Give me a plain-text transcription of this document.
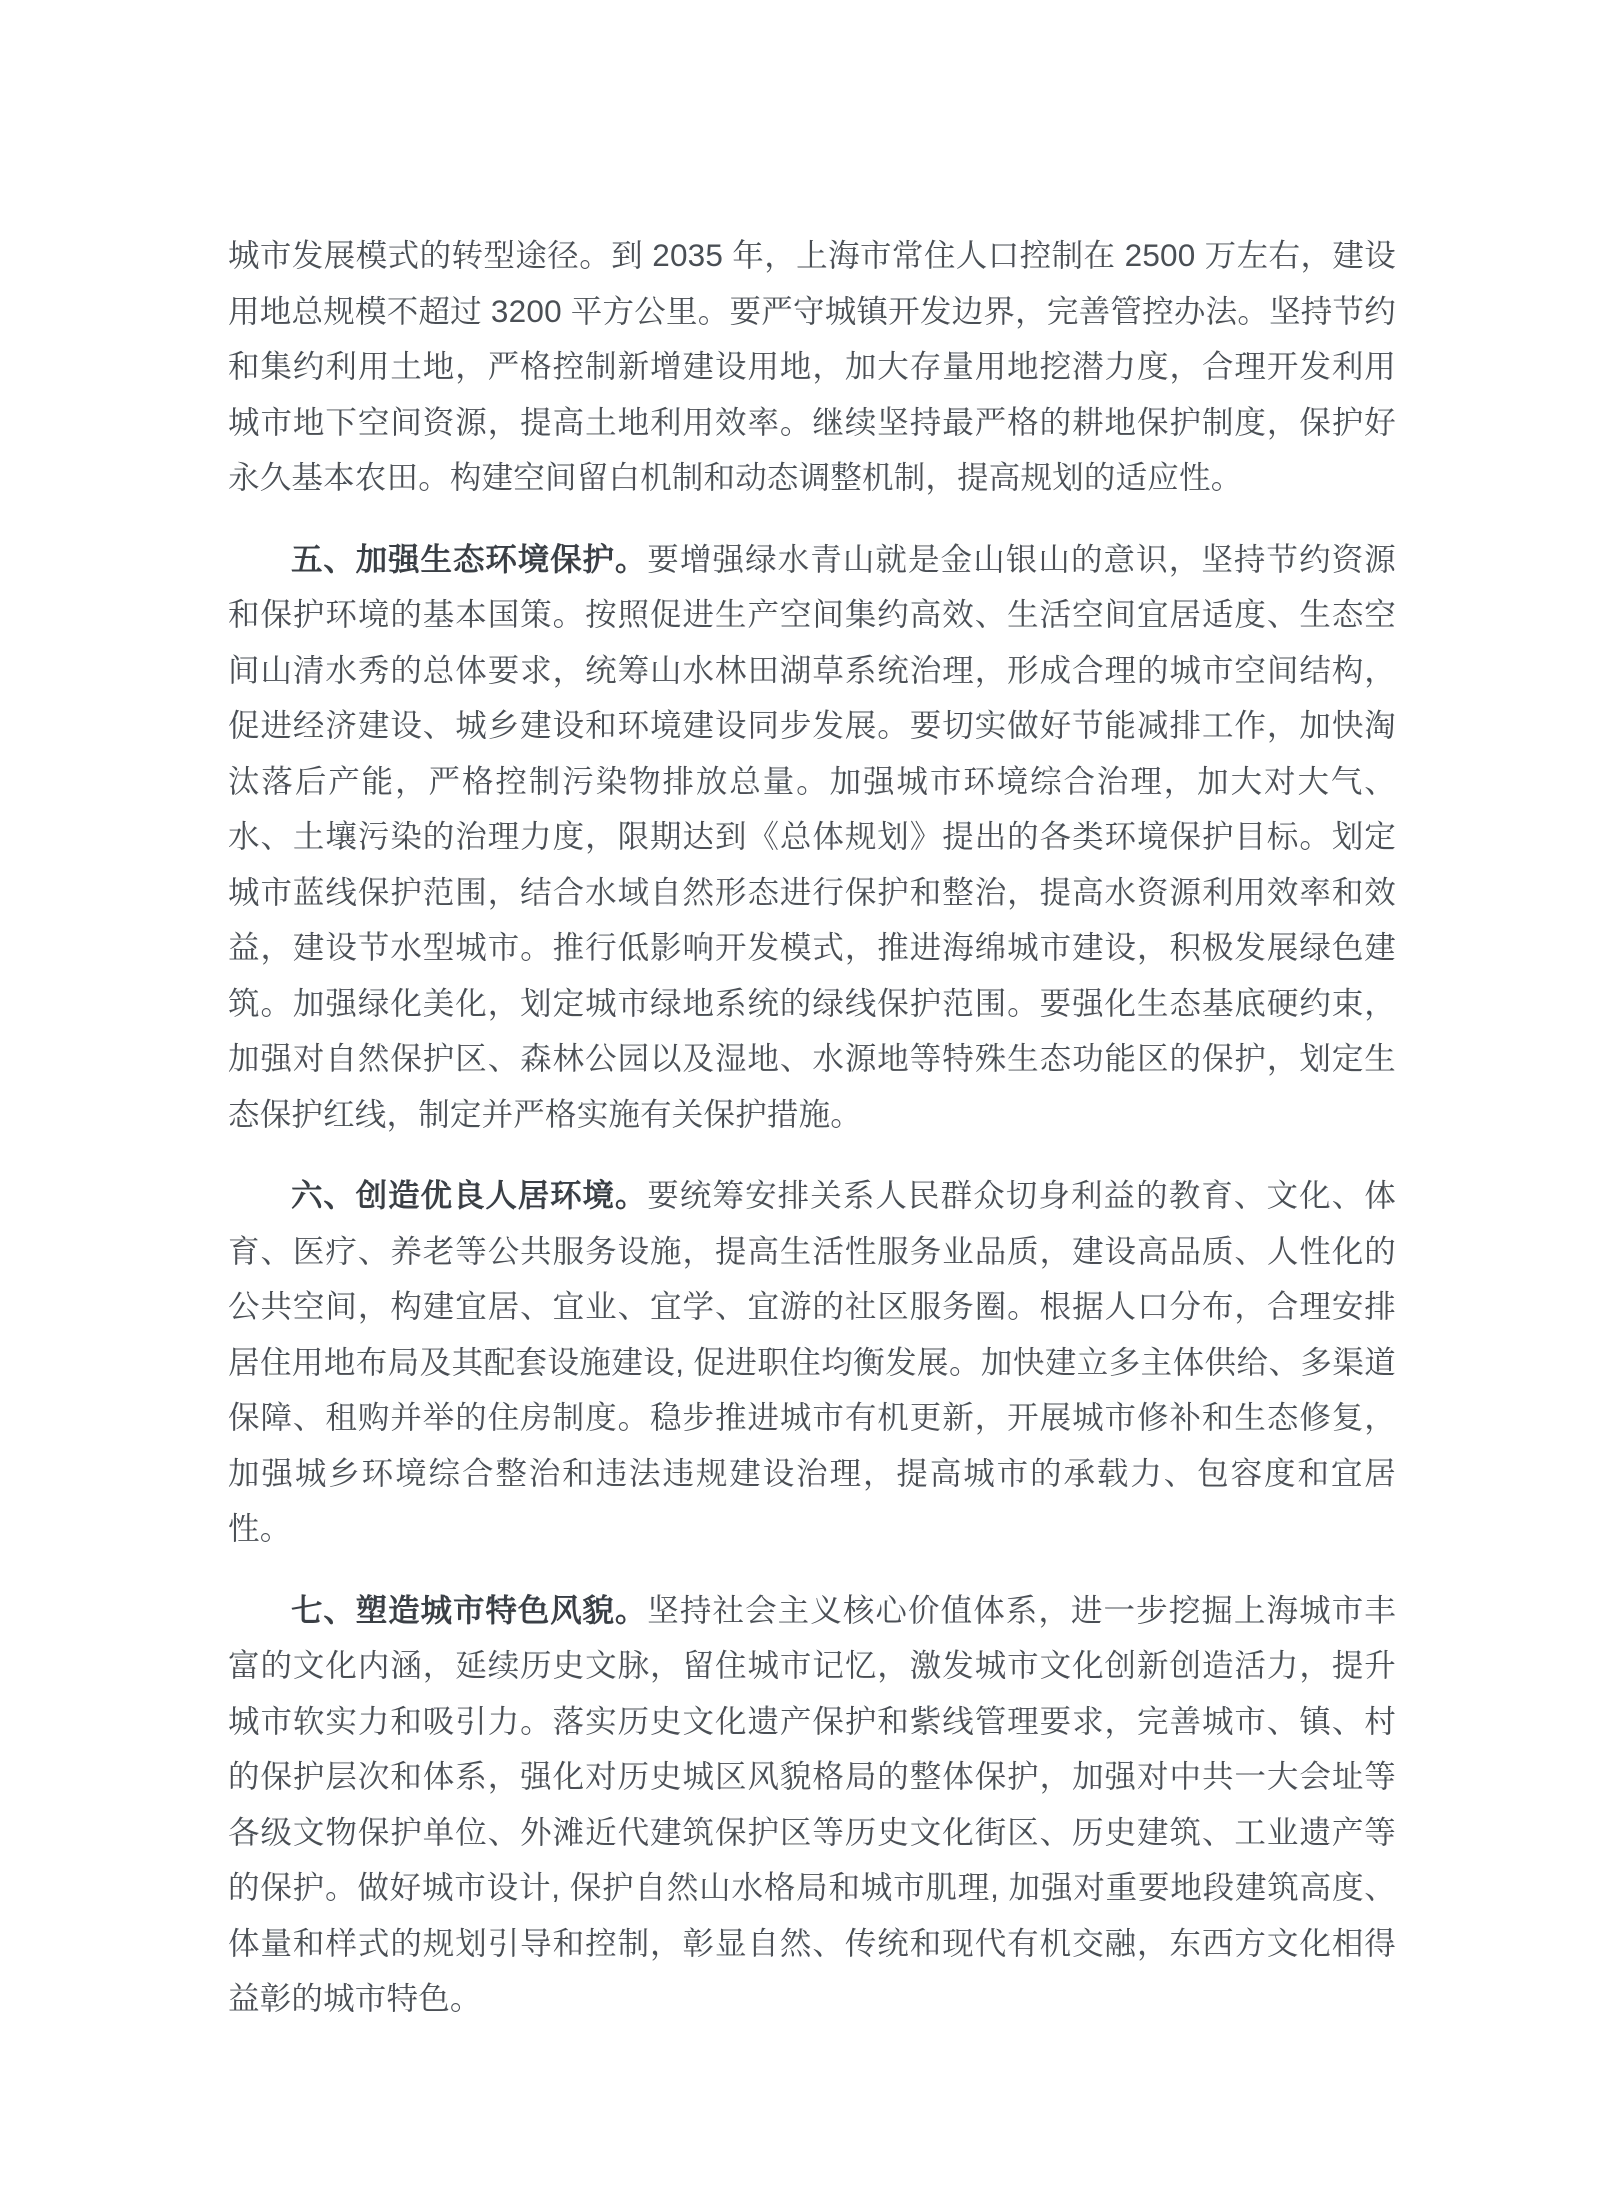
城市发展模式的转型途径。到 2035 年，上海市常住人口控制在 2500 万左右，建设用地总规模不超过 3200 平方公里。要严守城镇开发边界，完善管控办法。坚持节约和集约利用土地，严格控制新增建设用地，加大存量用地挖潜力度，合理开发利用城市地下空间资源，提高土地利用效率。继续坚持最严格的耕地保护制度，保护好永久基本农田。构建空间留白机制和动态调整机制，提高规划的适应性。

五、加强生态环境保护。要增强绿水青山就是金山银山的意识，坚持节约资源和保护环境的基本国策。按照促进生产空间集约高效、生活空间宜居适度、生态空间山清水秀的总体要求，统筹山水林田湖草系统治理，形成合理的城市空间结构，促进经济建设、城乡建设和环境建设同步发展。要切实做好节能减排工作，加快淘汰落后产能，严格控制污染物排放总量。加强城市环境综合治理，加大对大气、水、土壤污染的治理力度，限期达到《总体规划》提出的各类环境保护目标。划定城市蓝线保护范围，结合水域自然形态进行保护和整治，提高水资源利用效率和效益，建设节水型城市。推行低影响开发模式，推进海绵城市建设，积极发展绿色建筑。加强绿化美化，划定城市绿地系统的绿线保护范围。要强化生态基底硬约束，加强对自然保护区、森林公园以及湿地、水源地等特殊生态功能区的保护，划定生态保护红线，制定并严格实施有关保护措施。

六、创造优良人居环境。要统筹安排关系人民群众切身利益的教育、文化、体育、医疗、养老等公共服务设施，提高生活性服务业品质，建设高品质、人性化的公共空间，构建宜居、宜业、宜学、宜游的社区服务圈。根据人口分布，合理安排居住用地布局及其配套设施建设, 促进职住均衡发展。加快建立多主体供给、多渠道保障、租购并举的住房制度。稳步推进城市有机更新，开展城市修补和生态修复，加强城乡环境综合整治和违法违规建设治理，提高城市的承载力、包容度和宜居性。

七、塑造城市特色风貌。坚持社会主义核心价值体系，进一步挖掘上海城市丰富的文化内涵，延续历史文脉，留住城市记忆，激发城市文化创新创造活力，提升城市软实力和吸引力。落实历史文化遗产保护和紫线管理要求，完善城市、镇、村的保护层次和体系，强化对历史城区风貌格局的整体保护，加强对中共一大会址等各级文物保护单位、外滩近代建筑保护区等历史文化街区、历史建筑、工业遗产等的保护。做好城市设计, 保护自然山水格局和城市肌理, 加强对重要地段建筑高度、体量和样式的规划引导和控制，彰显自然、传统和现代有机交融，东西方文化相得益彰的城市特色。
